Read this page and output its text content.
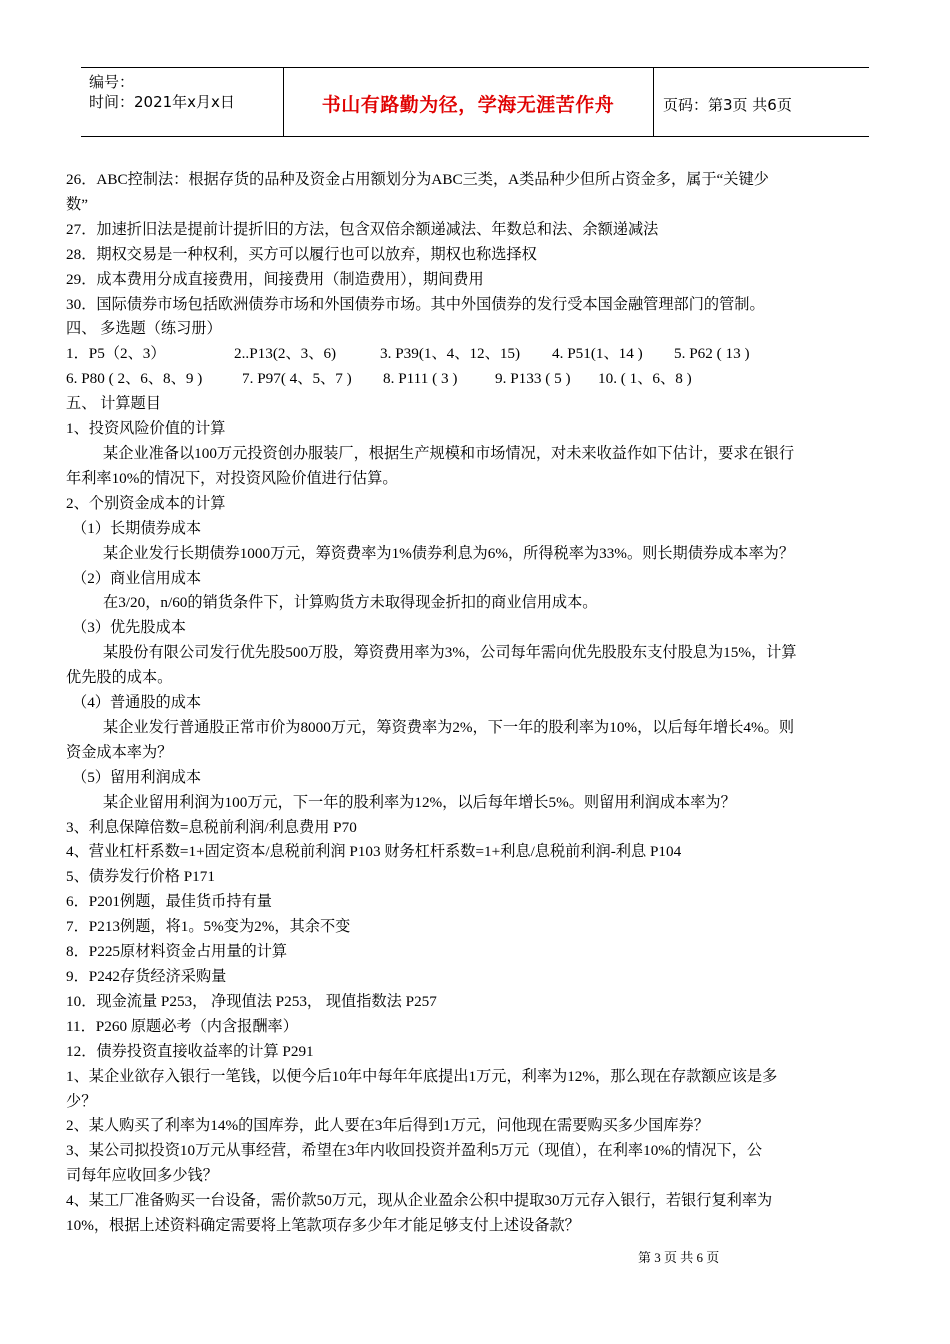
编号：
时间：2021年x月x日	书山有路勤为径，学海无涯苦作舟	页码：第3页 共6页
26．ABC控制法：根据存货的品种及资金占用额划分为ABC三类，A类品种少但所占资金多，属于“关键少
数”
27．加速折旧法是提前计提折旧的方法，包含双倍余额递减法、年数总和法、余额递减法
28．期权交易是一种权利，买方可以履行也可以放弃，期权也称选择权
29．成本费用分成直接费用，间接费用（制造费用），期间费用
30．国际债券市场包括欧洲债券市场和外国债券市场。其中外国债券的发行受本国金融管理部门的管制。
四、 多选题（练习册）
1．P5（2、3）	2..P13(2、3、6)	3. P39(1、4、12、15)	4. P51(1、14 )	5. P62 ( 13 )
6. P80 ( 2、6、8、9 )	7. P97( 4、5、7 )	8. P111 ( 3 )	9. P133 ( 5 )	10. ( 1、6、8 )
五、 计算题目
1、投资风险价值的计算
某企业准备以100万元投资创办服装厂，根据生产规模和市场情况，对未来收益作如下估计，要求在银行
年利率10%的情况下，对投资风险价值进行估算。
2、个别资金成本的计算
（1）长期债券成本
某企业发行长期债券1000万元，筹资费率为1%债券利息为6%，所得税率为33%。则长期债券成本率为？
（2）商业信用成本
在3/20，n/60的销货条件下，计算购货方未取得现金折扣的商业信用成本。
（3）优先股成本
某股份有限公司发行优先股500万股，筹资费用率为3%，公司每年需向优先股股东支付股息为15%，计算
优先股的成本。
（4）普通股的成本
某企业发行普通股正常市价为8000万元，筹资费率为2%，下一年的股利率为10%，以后每年增长4%。则
资金成本率为？
（5）留用利润成本
某企业留用利润为100万元，下一年的股利率为12%，以后每年增长5%。则留用利润成本率为？
3、利息保障倍数=息税前利润/利息费用 P70
4、营业杠杆系数=1+固定资本/息税前利润 P103 财务杠杆系数=1+利息/息税前利润-利息 P104
5、债券发行价格 P171
6．P201例题，最佳货币持有量
7．P213例题，将1。5%变为2%，其余不变
8．P225原材料资金占用量的计算
9．P242存货经济采购量
10．现金流量 P253， 净现值法 P253， 现值指数法 P257
11．P260 原题必考（内含报酬率）
12．债券投资直接收益率的计算 P291
1、某企业欲存入银行一笔钱，以便今后10年中每年年底提出1万元，利率为12%，那么现在存款额应该是多
少？
2、某人购买了利率为14%的国库券，此人要在3年后得到1万元，问他现在需要购买多少国库券？
3、某公司拟投资10万元从事经营，希望在3年内收回投资并盈利5万元（现值），在利率10%的情况下，公
司每年应收回多少钱？
4、某工厂准备购买一台设备，需价款50万元，现从企业盈余公积中提取30万元存入银行，若银行复利率为
10%，根据上述资料确定需要将上笔款项存多少年才能足够支付上述设备款？
第 3 页 共 6 页
